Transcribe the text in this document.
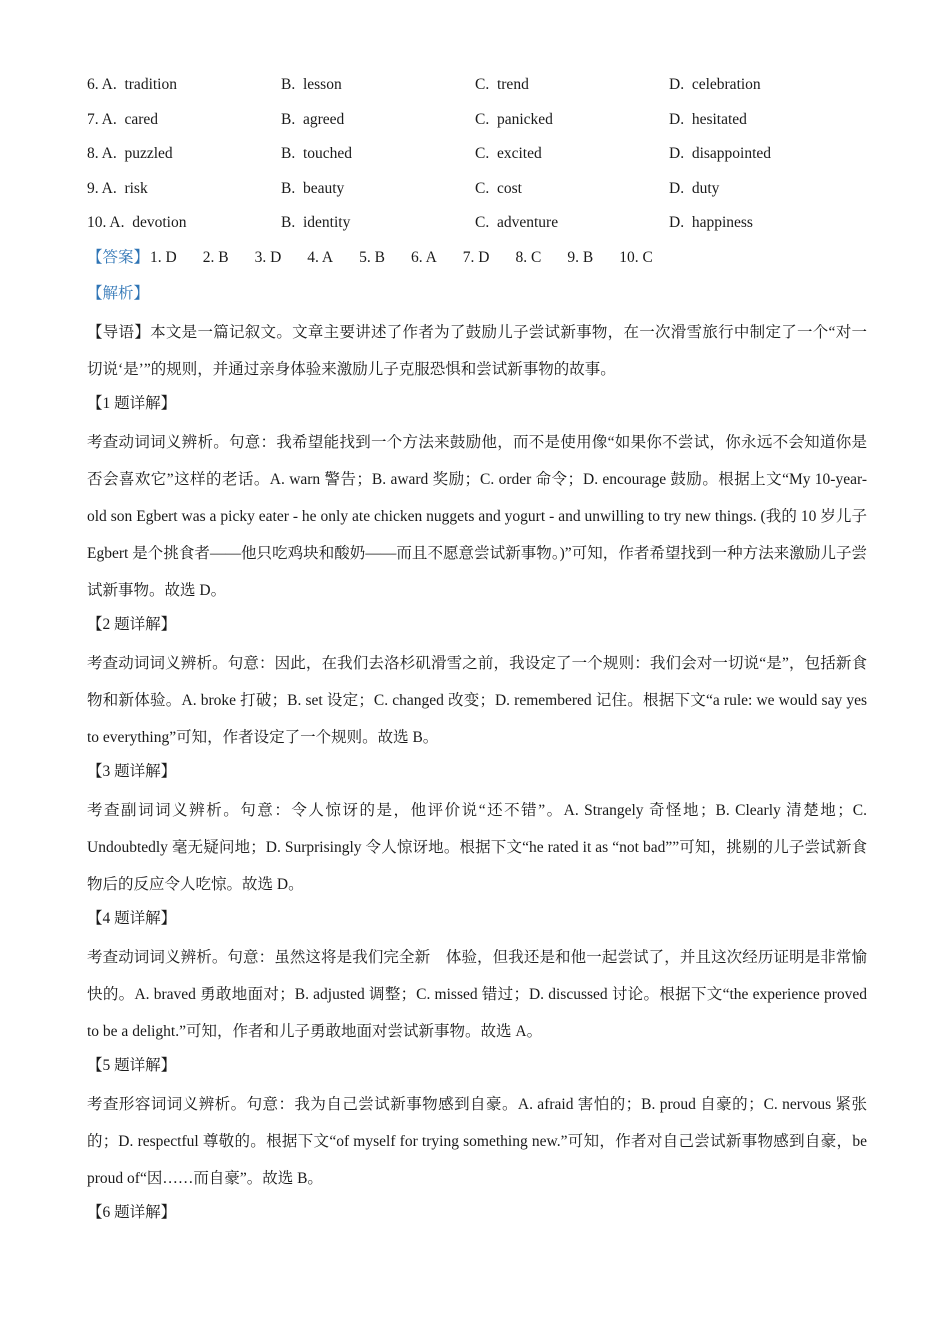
6. A. tradition	B. lesson	C. trend	D. celebration
7. A. cared	B. agreed	C. panicked	D. hesitated
8. A. puzzled	B. touched	C. excited	D. disappointed
9. A. risk	B. beauty	C. cost	D. duty
10. A. devotion	B. identity	C. adventure	D. happiness
【答案】1. D 2. B 3. D 4. A 5. B 6. A 7. D 8. C 9. B 10. C
【解析】

【导语】本文是一篇记叙文。文章主要讲述了作者为了鼓励儿子尝试新事物，在一次滑雪旅行中制定了一个“对一切说‘是’”的规则，并通过亲身体验来激励儿子克服恐惧和尝试新事物的故事。

【1 题详解】

考查动词词义辨析。句意：我希望能找到一个方法来鼓励他，而不是使用像“如果你不尝试，你永远不会知道你是否会喜欢它”这样的老话。A. warn 警告；B. award 奖励；C. order 命令；D. encourage 鼓励。根据上文“My 10-year-old son Egbert was a picky eater - he only ate chicken nuggets and yogurt - and unwilling to try new things. (我的 10 岁儿子 Egbert 是个挑食者——他只吃鸡块和酸奶——而且不愿意尝试新事物。)”可知，作者希望找到一种方法来激励儿子尝试新事物。故选 D。

【2 题详解】

考查动词词义辨析。句意：因此，在我们去洛杉矶滑雪之前，我设定了一个规则：我们会对一切说“是”，包括新食物和新体验。A. broke 打破；B. set 设定；C. changed 改变；D. remembered 记住。根据下文“a rule: we would say yes to everything”可知，作者设定了一个规则。故选 B。

【3 题详解】

考查副词词义辨析。句意：令人惊讶的是，他评价说“还不错”。A. Strangely 奇怪地；B. Clearly 清楚地；C. Undoubtedly 毫无疑问地；D. Surprisingly 令人惊讶地。根据下文“he rated it as “not bad””可知，挑剔的儿子尝试新食物后的反应令人吃惊。故选 D。

【4 题详解】

考查动词词义辨析。句意：虽然这将是我们完全新　体验，但我还是和他一起尝试了，并且这次经历证明是非常愉快的。A. braved 勇敢地面对；B. adjusted 调整；C. missed 错过；D. discussed 讨论。根据下文“the experience proved to be a delight.”可知，作者和儿子勇敢地面对尝试新事物。故选 A。

【5 题详解】

考查形容词词义辨析。句意：我为自己尝试新事物感到自豪。A. afraid 害怕的；B. proud 自豪的；C. nervous 紧张的；D. respectful 尊敬的。根据下文“of myself for trying something new.”可知，作者对自己尝试新事物感到自豪，be proud of“因……而自豪”。故选 B。

【6 题详解】
